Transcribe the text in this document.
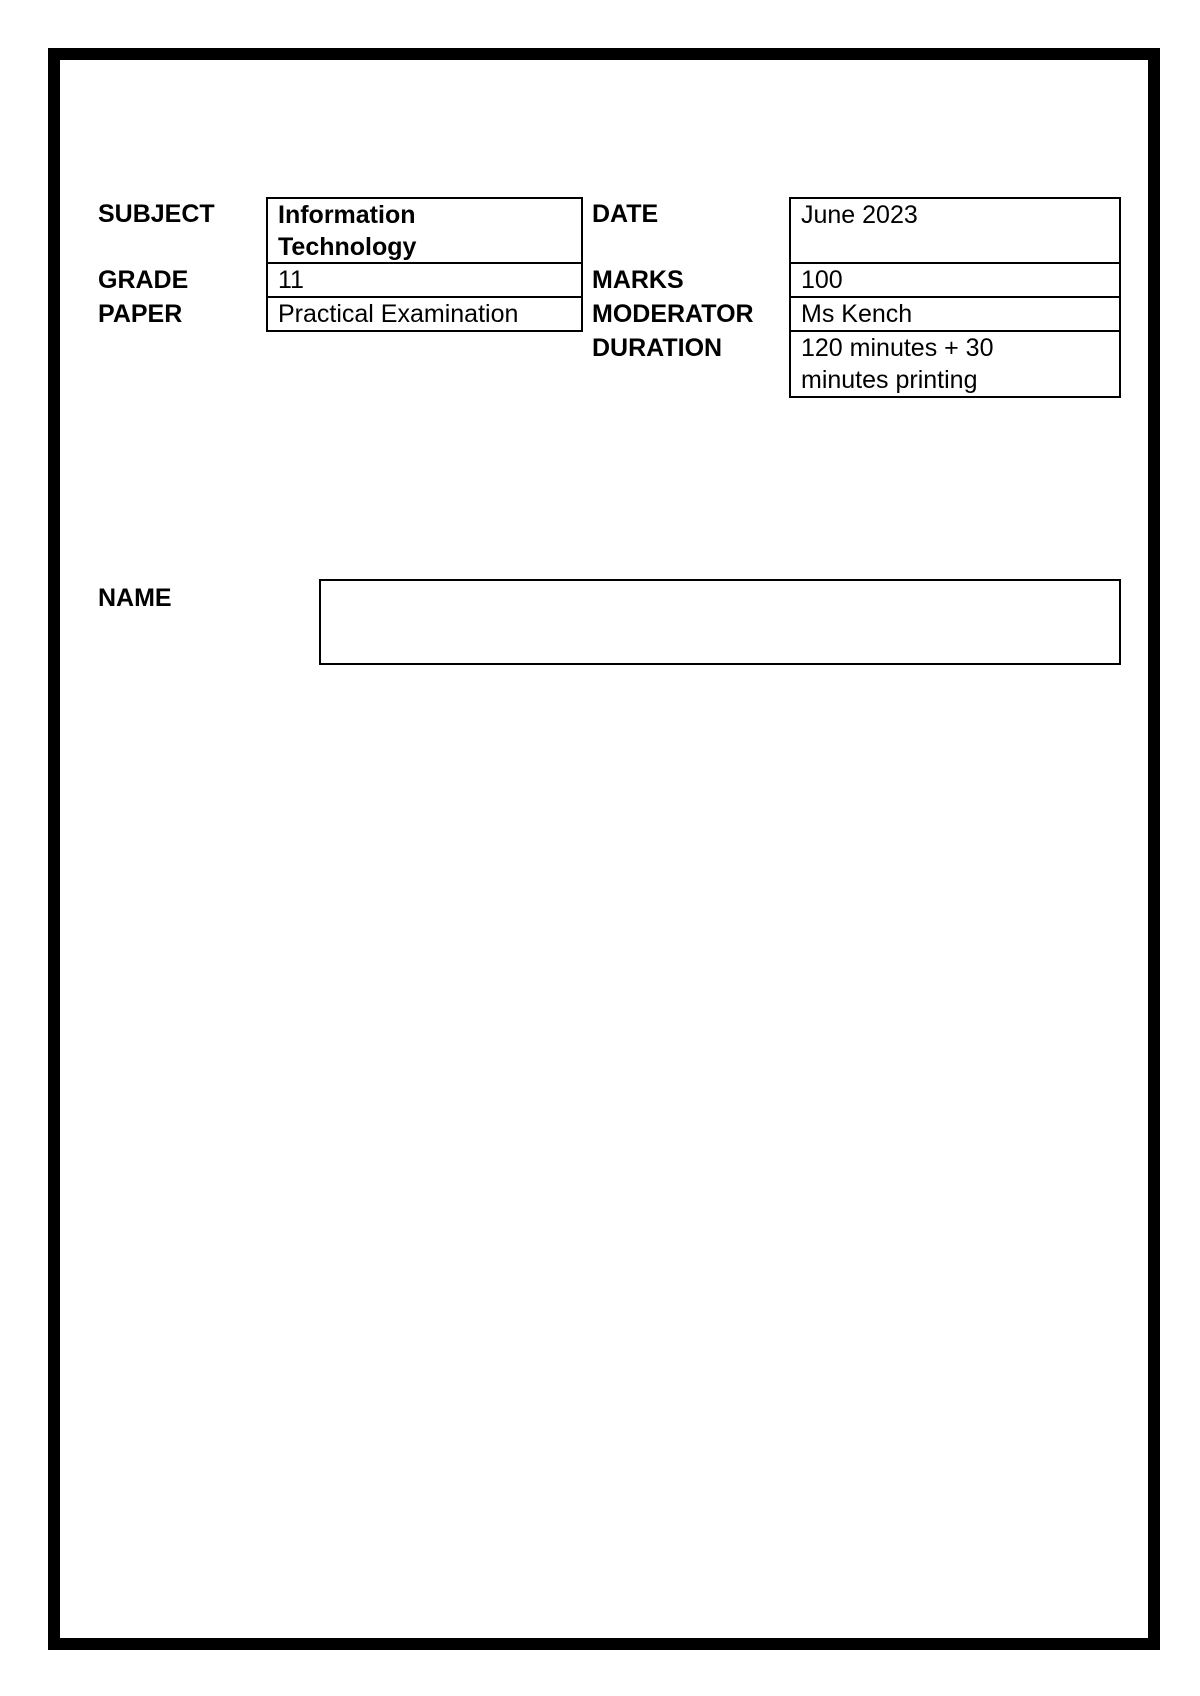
SUBJECT
GRADE
PAPER
Information
Technology
11
Practical Examination
DATE
MARKS
MODERATOR
DURATION
June 2023
100
Ms Kench
120 minutes + 30
minutes printing
NAME
